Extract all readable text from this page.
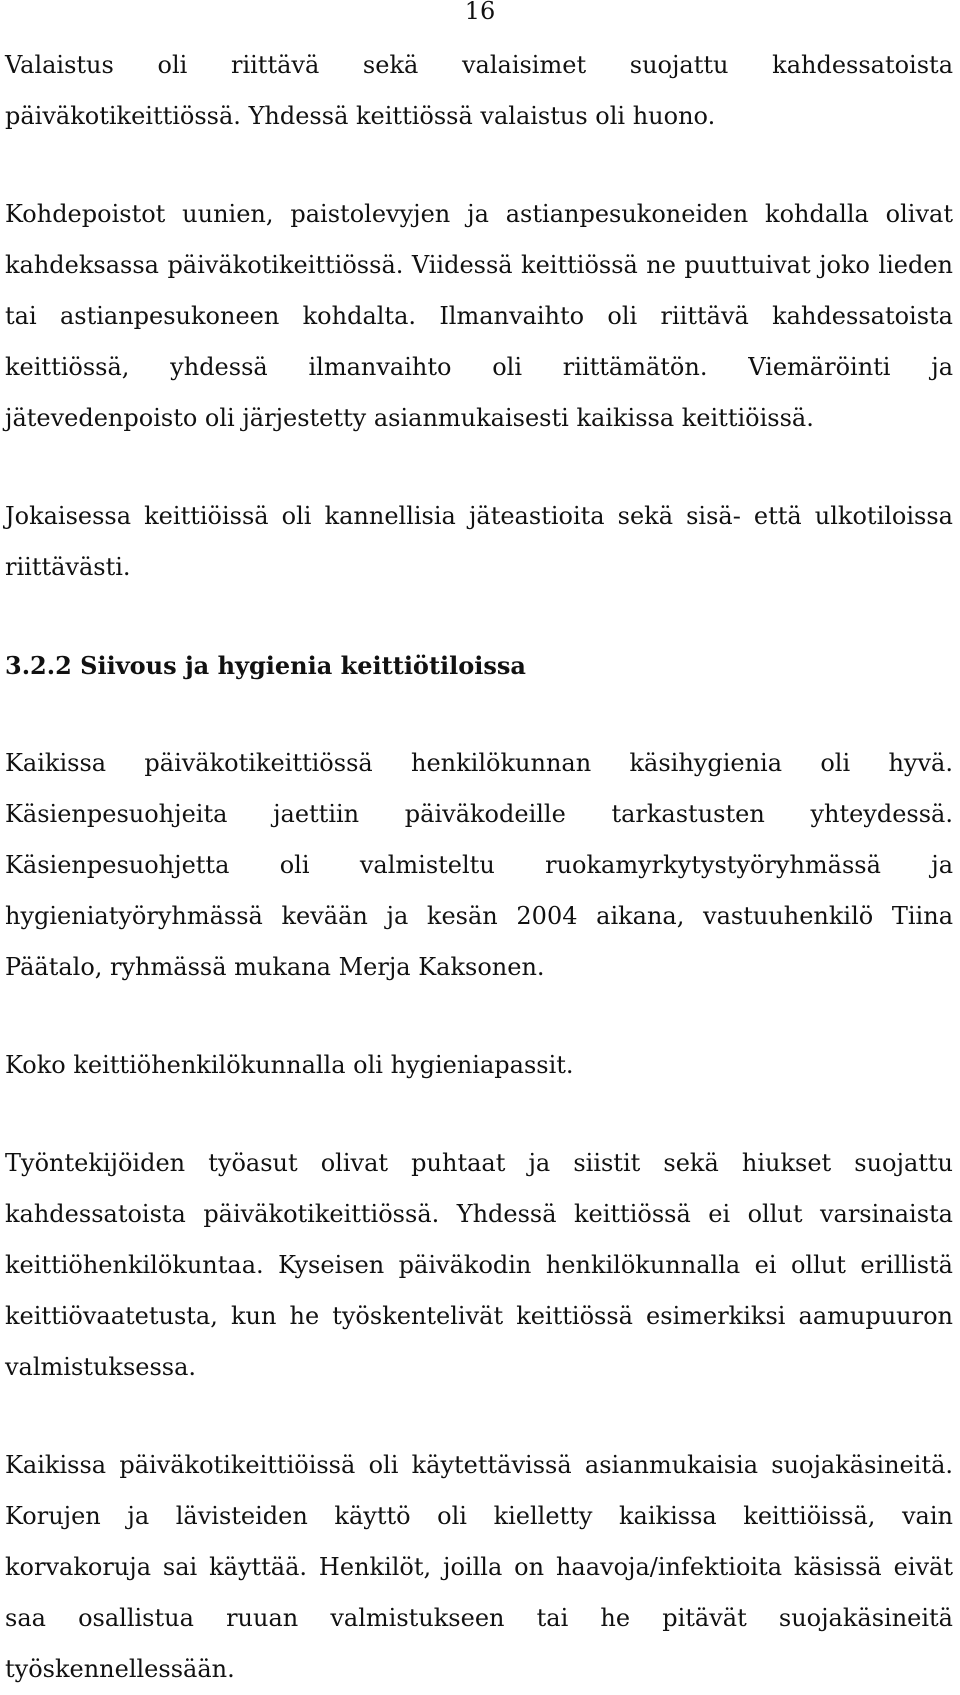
16

Valaistus oli riittävä sekä valaisimet suojattu kahdessatoista päiväkotikeittiössä. Yhdessä keittiössä valaistus oli huono.

Kohdepoistot uunien, paistolevyjen ja astianpesukoneiden kohdalla olivat kahdeksassa päiväkotikeittiössä. Viidessä keittiössä ne puuttuivat joko lieden tai astianpesukoneen kohdalta. Ilmanvaihto oli riittävä kahdessatoista keittiössä, yhdessä ilmanvaihto oli riittämätön. Viemäröinti ja jätevedenpoisto oli järjestetty asianmukaisesti kaikissa keittiöissä.

Jokaisessa keittiöissä oli kannellisia jäteastioita sekä sisä- että ulkotiloissa riittävästi.

3.2.2 Siivous ja hygienia keittiötiloissa

Kaikissa päiväkotikeittiössä henkilökunnan käsihygienia oli hyvä. Käsienpesuohjeita jaettiin päiväkodeille tarkastusten yhteydessä. Käsienpesuohjetta oli valmisteltu ruokamyrkytystyöryhmässä ja hygieniatyöryhmässä kevään ja kesän 2004 aikana, vastuuhenkilö Tiina Päätalo, ryhmässä mukana Merja Kaksonen.

Koko keittiöhenkilökunnalla oli hygieniapassit.

Työntekijöiden työasut olivat puhtaat ja siistit sekä hiukset suojattu kahdessatoista päiväkotikeittiössä. Yhdessä keittiössä ei ollut varsinaista keittiöhenkilökuntaa. Kyseisen päiväkodin henkilökunnalla ei ollut erillistä keittiövaatetusta, kun he työskentelivät keittiössä esimerkiksi aamupuuron valmistuksessa.

Kaikissa päiväkotikeittiöissä oli käytettävissä asianmukaisia suojakäsineitä. Korujen ja lävisteiden käyttö oli kielletty kaikissa keittiöissä, vain korvakoruja sai käyttää. Henkilöt, joilla on haavoja/infektioita käsissä eivät saa osallistua ruuan valmistukseen tai he pitävät suojakäsineitä työskennellessään.
